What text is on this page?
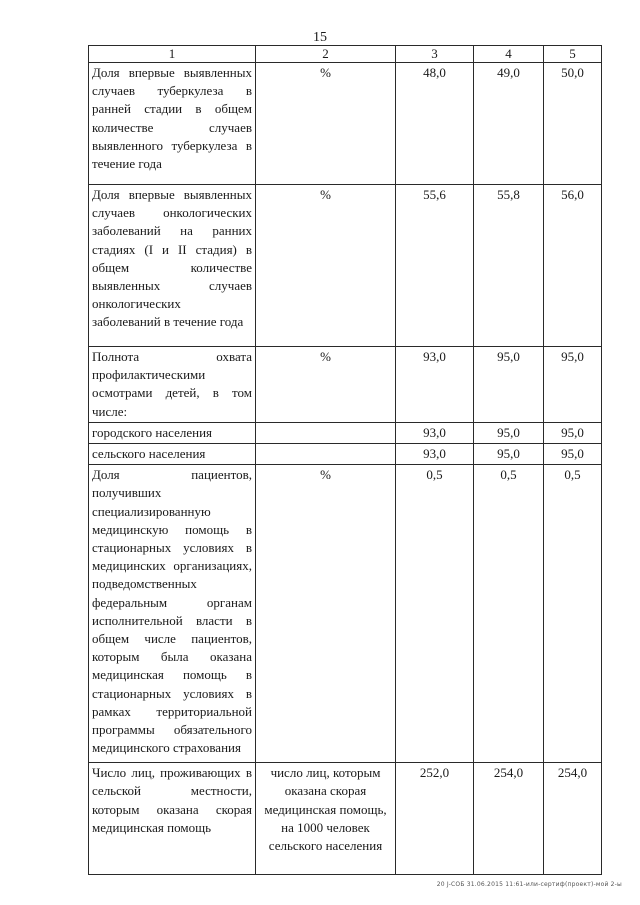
15
1	2	3	4	5
Доля впервые выявленных случаев туберкулеза в ранней стадии в общем количестве случаев выявленного туберкулеза в течение года	%	48,0	49,0	50,0
Доля впервые выявленных случаев онкологических заболеваний на ранних стадиях (I и II стадия) в общем количестве выявленных случаев онкологических заболеваний в течение года	%	55,6	55,8	56,0
Полнота охвата профилактическими осмотрами детей, в том числе:	%	93,0	95,0	95,0
городского населения		93,0	95,0	95,0
сельского населения		93,0	95,0	95,0
Доля пациентов, получивших специализированную медицинскую помощь в стационарных условиях в медицинских организациях, подведомственных федеральным органам исполнительной власти в общем числе пациентов, которым была оказана медицинская помощь в стационарных условиях в рамках территориальной программы обязательного медицинского страхования	%	0,5	0,5	0,5
Число лиц, проживающих в сельской местности, которым оказана скорая медицинская помощь	число лиц, которым оказана скорая медицинская помощь, на 1000 человек сельского населения	252,0	254,0	254,0
20 J-СОБ 31.06.2015 11:61-или-сертиф(проект)-мой 2-ы
